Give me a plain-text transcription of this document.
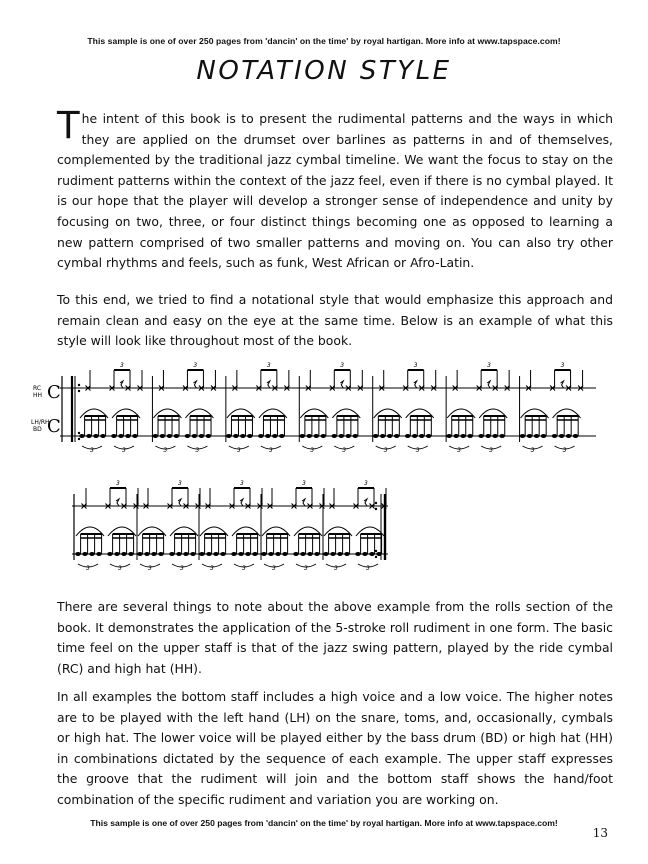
This sample is one of over 250 pages from 'dancin' on the time' by royal hartigan. More info at www.tapspace.com!
NOTATION STYLE

The intent of this book is to present the rudimental patterns and the ways in which they are applied on the drumset over barlines as patterns in and of themselves, complemented by the traditional jazz cymbal timeline. We want the focus to stay on the rudiment patterns within the context of the jazz feel, even if there is no cymbal played. It is our hope that the player will develop a stronger sense of independence and unity by focusing on two, three, or four distinct things becoming one as opposed to learning a new pattern comprised of two smaller patterns and moving on. You can also try other cymbal rhythms and feels, such as funk, West African or Afro-Latin.

To this end, we tried to find a notational style that would emphasize this approach and remain clean and easy on the eye at the same time. Below is an example of what this style will look like throughout most of the book.

RC
HH
LH/RH
BD
C
C
3
3	3
3
3	3
3
3	3
3
3	3
3
3	3
3
3	3
3
3	3
3
3	3
3
3	3
3
3	3
3
3	3
3
3	3

There are several things to note about the above example from the rolls section of the book. It demonstrates the application of the 5-stroke roll rudiment in one form. The basic time feel on the upper staff is that of the jazz swing pattern, played by the ride cymbal (RC) and high hat (HH).

In all examples the bottom staff includes a high voice and a low voice. The higher notes are to be played with the left hand (LH) on the snare, toms, and, occasionally, cymbals or high hat. The lower voice will be played either by the bass drum (BD) or high hat (HH) in combinations dictated by the sequence of each example. The upper staff expresses the groove that the rudiment will join and the bottom staff shows the hand/foot combination of the specific rudiment and variation you are working on.

This sample is one of over 250 pages from 'dancin' on the time' by royal hartigan. More info at www.tapspace.com!
13
